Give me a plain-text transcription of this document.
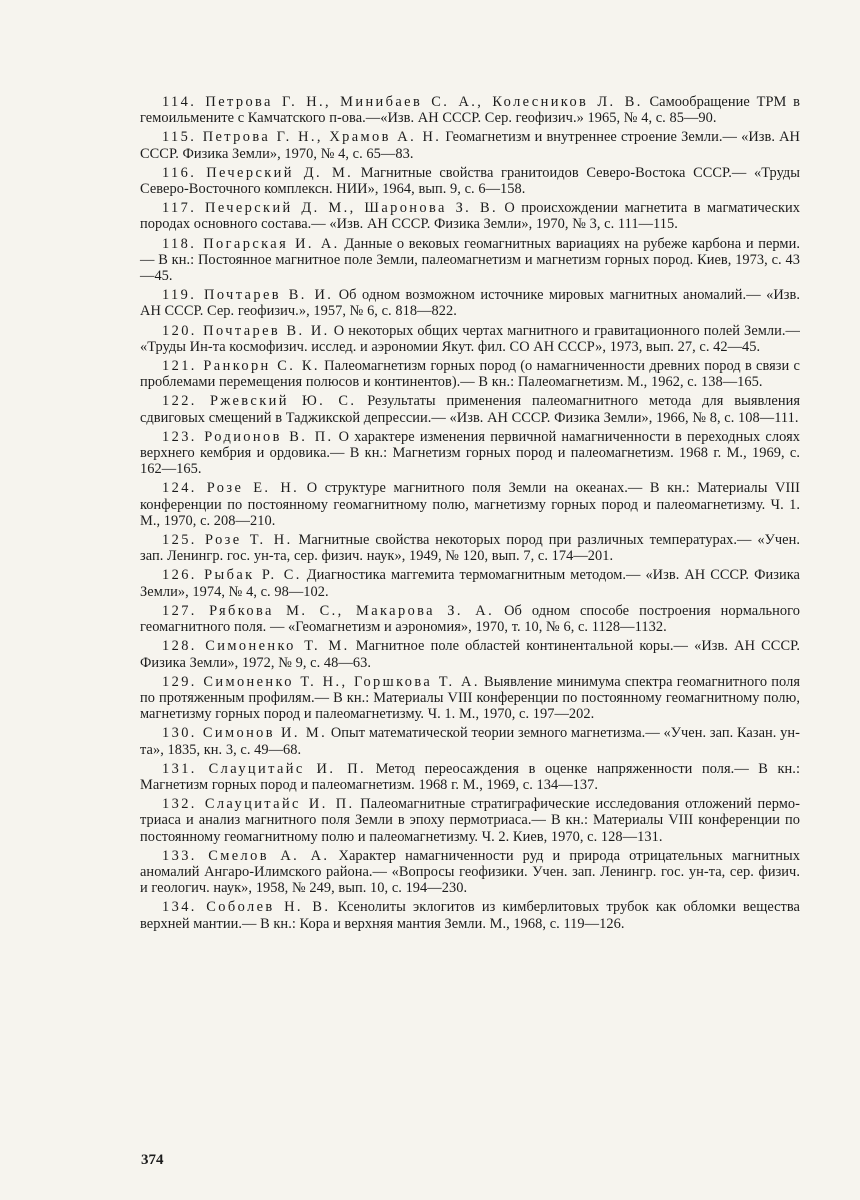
114. Петрова Г. Н., Минибаев С. А., Колесников Л. В. Самообращение TPM в гемоильмените с Камчатского п-ова.—«Изв. АН СССР. Сер. геофизич.» 1965, № 4, с. 85—90.

115. Петрова Г. Н., Храмов А. Н. Геомагнетизм и внутреннее строение Земли.— «Изв. АН СССР. Физика Земли», 1970, № 4, с. 65—83.

116. Печерский Д. М. Магнитные свойства гранитоидов Северо-Востока СССР.— «Труды Северо-Восточного комплексн. НИИ», 1964, вып. 9, с. 6—158.

117. Печерский Д. М., Шаронова З. В. О происхождении магнетита в магматических породах основного состава.— «Изв. АН СССР. Физика Земли», 1970, № 3, с. 111—115.

118. Погарская И. А. Данные о вековых геомагнитных вариациях на рубеже карбона и перми.— В кн.: Постоянное магнитное поле Земли, палеомагнетизм и магнетизм горных пород. Киев, 1973, с. 43—45.

119. Почтарев В. И. Об одном возможном источнике мировых магнитных аномалий.— «Изв. АН СССР. Сер. геофизич.», 1957, № 6, с. 818—822.

120. Почтарев В. И. О некоторых общих чертах магнитного и гравитационного полей Земли.— «Труды Ин-та космофизич. исслед. и аэрономии Якут. фил. СО АН СССР», 1973, вып. 27, с. 42—45.

121. Ранкорн С. К. Палеомагнетизм горных пород (о намагниченности древних пород в связи с проблемами перемещения полюсов и континентов).— В кн.: Палеомагнетизм. М., 1962, с. 138—165.

122. Ржевский Ю. С. Результаты применения палеомагнитного метода для выявления сдвиговых смещений в Таджикской депрессии.— «Изв. АН СССР. Физика Земли», 1966, № 8, с. 108—111.

123. Родионов В. П. О характере изменения первичной намагниченности в переходных слоях верхнего кембрия и ордовика.— В кн.: Магнетизм горных пород и палеомагнетизм. 1968 г. М., 1969, с. 162—165.

124. Розе Е. Н. О структуре магнитного поля Земли на океанах.— В кн.: Материалы VIII конференции по постоянному геомагнитному полю, магнетизму горных пород и палеомагнетизму. Ч. 1. М., 1970, с. 208—210.

125. Розе Т. Н. Магнитные свойства некоторых пород при различных температурах.— «Учен. зап. Ленингр. гос. ун-та, сер. физич. наук», 1949, № 120, вып. 7, с. 174—201.

126. Рыбак Р. С. Диагностика маггемита термомагнитным методом.— «Изв. АН СССР. Физика Земли», 1974, № 4, с. 98—102.

127. Рябкова М. С., Макарова З. А. Об одном способе построения нормального геомагнитного поля. — «Геомагнетизм и аэрономия», 1970, т. 10, № 6, с. 1128—1132.

128. Симоненко Т. М. Магнитное поле областей континентальной коры.— «Изв. АН СССР. Физика Земли», 1972, № 9, с. 48—63.

129. Симоненко Т. Н., Горшкова Т. А. Выявление минимума спектра геомагнитного поля по протяженным профилям.— В кн.: Материалы VIII конференции по постоянному геомагнитному полю, магнетизму горных пород и палеомагнетизму. Ч. 1. М., 1970, с. 197—202.

130. Симонов И. М. Опыт математической теории земного магнетизма.— «Учен. зап. Казан. ун-та», 1835, кн. 3, с. 49—68.

131. Слауцитайс И. П. Метод переосаждения в оценке напряженности поля.— В кн.: Магнетизм горных пород и палеомагнетизм. 1968 г. М., 1969, с. 134—137.

132. Слауцитайс И. П. Палеомагнитные стратиграфические исследования отложений пермо-триаса и анализ магнитного поля Земли в эпоху пермотриаса.— В кн.: Материалы VIII конференции по постоянному геомагнитному полю и палеомагнетизму. Ч. 2. Киев, 1970, с. 128—131.

133. Смелов А. А. Характер намагниченности руд и природа отрицательных магнитных аномалий Ангаро-Илимского района.— «Вопросы геофизики. Учен. зап. Ленингр. гос. ун-та, сер. физич. и геологич. наук», 1958, № 249, вып. 10, с. 194—230.

134. Соболев Н. В. Ксенолиты эклогитов из кимберлитовых трубок как обломки вещества верхней мантии.— В кн.: Кора и верхняя мантия Земли. М., 1968, с. 119—126.

374
